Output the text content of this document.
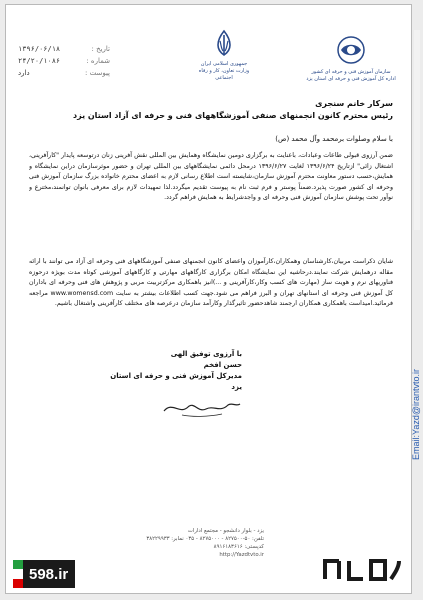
تاریخ :
۱۳۹۶/۰۶/۱۸
شماره :
۲۴/۲۰/۱۰۸۶
پیوست :
دارد
جمهوری اسلامی ایران
وزارت تعاون، کار و رفاه اجتماعی
سازمان آموزش فنی و حرفه ای کشور
اداره کل آموزش فنی و حرفه ای استان یزد
سرکار خانم سنجری
رئیس محترم کانون انجمنهای صنفی آموزشگاههای فنی و حرفه ای آزاد استان یزد
با سلام وصلوات برمحمد وآل محمد (ص)
ضمن آرزوی قبولی طاعات وعبادات، باعنایت به برگزاری دومین نمایشگاه وهمایش بین المللی نقش آفرینی زنان درتوسعه پایدار "کارآفرینی، اشتغال زائی" ازتاریخ ۱۳۹۶/۶/۲۴ لغایت ۱۳۹۶/۶/۲۷ درمحل دائمی نمایشگاههای بین المللی تهران و حضور موثرسازمان دراین نمایشگاه و همایش،حسب دستور معاونت محترم آموزش سازمان،شایسته است اطلاع رسانی لازم به اعضای محترم خانواده بزرگ سازمان آموزش فنی وحرفه ای کشور صورت پذیرد.ضمناً پوستر و فرم ثبت نام به پیوست تقدیم میگردد.لذا تمهیدات لازم برای معرفی بانوان توانمند،مخترع و نوآور تحت پوشش سازمان آموزش فنی وحرفه ای و واجدشرایط به همایش فراهم گردد.
شایان ذکراست مربیان،کارشناسان وهمکاران،کارآموزان واعضای کانون انجمنهای صنفی آموزشگاههای فنی وحرفه ای آزاد می توانند با ارائه مقاله درهمایش شرکت نمایند.درحاشیه این نمایشگاه امکان برگزاری کارگاههای مهارتی و کارگاههای آموزشی کوتاه مدت بویژه درحوزه فناوریهای نرم و هویت ساز (مهارت های کسب وکار،کارآفرینی و ...)انیز باهمکاری مرکزتربیت مربی و پژوهش های فنی وحرفه ای باداران کل آموزش فنی وحرفه ای استانهای تهران و البرز فراهم می شود.جهت کسب اطلاعات بیشتر به سایت www.womensd.com مراجعه فرمائید.امیداست باهمکاری همکاران ارجمند شاهدحضور تاثیرگذار وکارآمد سازمان درعرصه های مختلف کارآفرینی واشتغال باشیم.
با آرزوی توفیق الهی
حسن افخم
مدیرکل آموزش فنی و حرفه ای استان یزد
یزد - بلوار دانشجو - مجتمع ادارات
تلفن: ۵۰-۸۲۷۵۰۰ - ۸۲۷۵۰۰۰ - ۰۳۵ نمابر: ۳۸۲۲۹۹۳۳
کدپستی: ۸۹۱۶۱۸۳۶۱۶
http://Yazdtvto.ir
598.ir
Email:Yazd@irantvto.ir
